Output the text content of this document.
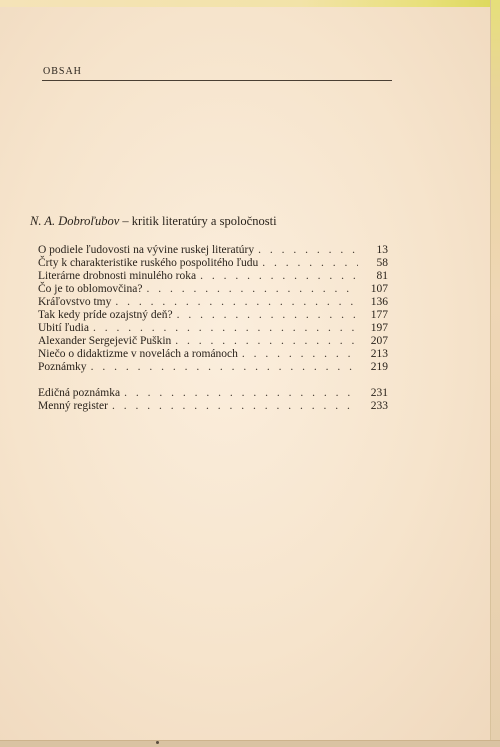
OBSAH
N. A. Dobroľubov – kritik literatúry a spoločnosti
O podiele ľudovosti na vývine ruskej literatúry . . .	13
Črty k charakteristike ruského pospolitého ľudu . . .	58
Literárne drobnosti minulého roka . . .	81
Čo je to oblomovčina? . . .	107
Kráľovstvo tmy . . .	136
Tak kedy príde ozajstný deň? . . .	177
Ubití ľudia . . .	197
Alexander Sergejevič Puškin . . .	207
Niečo o didaktizme v novelách a románoch . . .	213
Poznámky . . .	219
Edičná poznámka . . .	231
Menný register . . .	233
